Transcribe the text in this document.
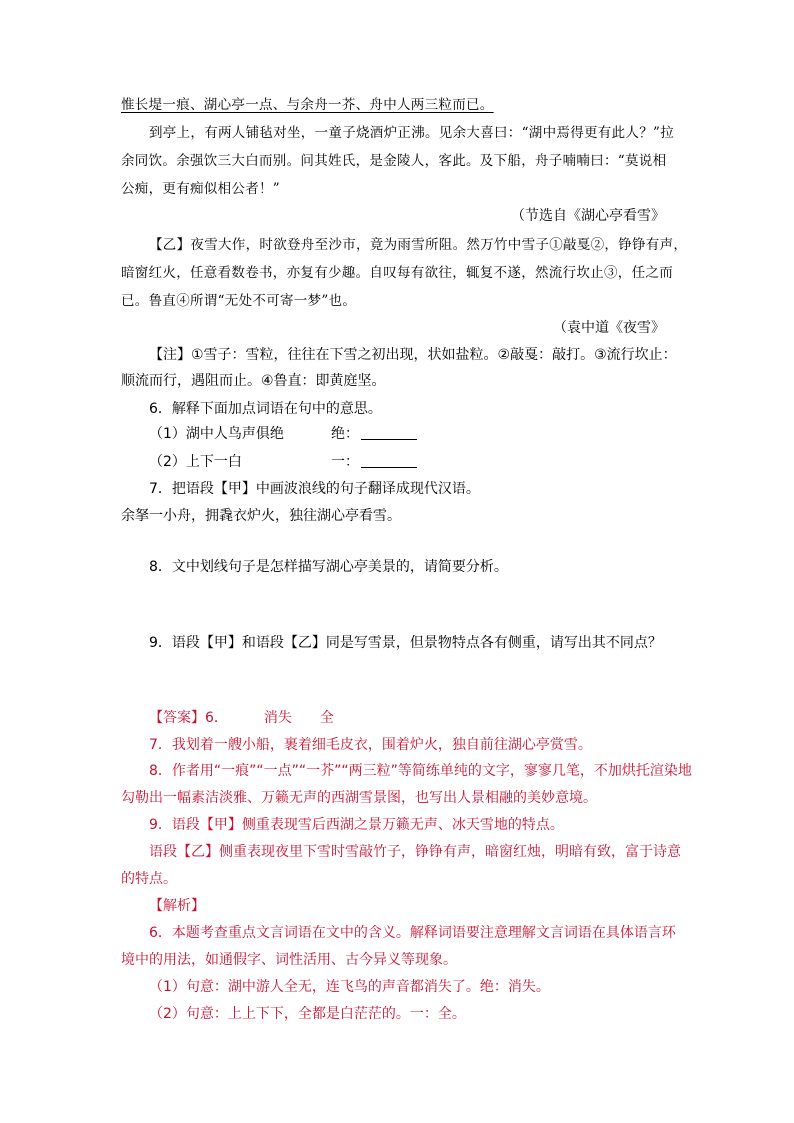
惟长堤一痕、湖心亭一点、与余舟一芥、舟中人两三粒而已。
到亭上，有两人铺毡对坐，一童子烧酒炉正沸。见余大喜曰：“湖中焉得更有此人？”拉
余同饮。余强饮三大白而别。问其姓氏，是金陵人，客此。及下船，舟子喃喃曰：“莫说相
公痴，更有痴似相公者！”
（节选自《湖心亭看雪》
【乙】夜雪大作，时欲登舟至沙市，竟为雨雪所阻。然万竹中雪子①敲戛②，铮铮有声，
暗窗红火，任意看数卷书，亦复有少趣。自叹每有欲往，辄复不遂，然流行坎止③，任之而
已。鲁直④所谓“无处不可寄一梦”也。
（袁中道《夜雪》
【注】①雪子：雪粒，往往在下雪之初出现，状如盐粒。②敲戛：敲打。③流行坎止：
顺流而行，遇阻而止。④鲁直：即黄庭坚。
6．解释下面加点词语在句中的意思。
（1）湖中人鸟声俱绝	绝：
（2）上下一白	一：
7．把语段【甲】中画波浪线的句子翻译成现代汉语。
余拏一小舟，拥毳衣炉火，独往湖心亭看雪。
8．文中划线句子是怎样描写湖心亭美景的，请简要分析。
9．语段【甲】和语段【乙】同是写雪景，但景物特点各有侧重，请写出其不同点？
【答案】6．	消失 全
7．我划着一艘小船，裹着细毛皮衣，围着炉火，独自前往湖心亭赏雪。
8．作者用“一痕”“一点”“一芥”“两三粒”等简练单纯的文字，寥寥几笔，不加烘托渲染地
勾勒出一幅素洁淡雅、万籁无声的西湖雪景图，也写出人景相融的美妙意境。
9．语段【甲】侧重表现雪后西湖之景万籁无声、冰天雪地的特点。
语段【乙】侧重表现夜里下雪时雪敲竹子，铮铮有声，暗窗红烛，明暗有致，富于诗意
的特点。
【解析】
6．本题考查重点文言词语在文中的含义。解释词语要注意理解文言词语在具体语言环
境中的用法，如通假字、词性活用、古今异义等现象。
（1）句意：湖中游人全无，连飞鸟的声音都消失了。绝：消失。
（2）句意：上上下下，全都是白茫茫的。一：全。
